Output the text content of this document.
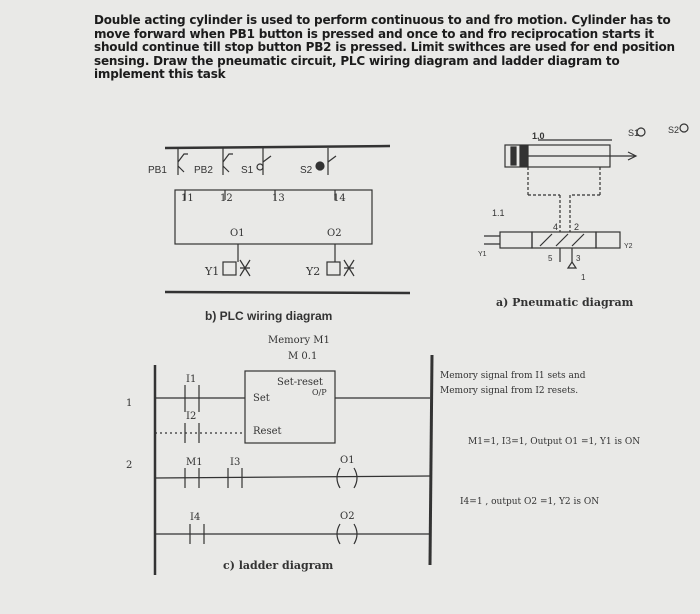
Double acting cylinder is used to perform continuous to and fro motion. Cylinder has to move forward when PB1 button is pressed and once to and fro reciprocation starts it should continue till stop button PB2 is pressed. Limit swithces are used for end position sensing. Draw the pneumatic circuit, PLC wiring diagram and ladder diagram to implement this task
PB1	PB2	S1	S2
11	12	13	14
O1	O2
Y1	Y2
b) PLC wiring diagram
1.0
1.1
S1	S2
Y1
Y2
4 2
5	3
1
a) Pneumatic diagram
Memory M1
M 0.1
Set-reset
Set
Reset
O/P
1
2
I1
I2
M1	I3
I4
O1
O2
c) ladder diagram
Memory signal from I1 sets and
Memory signal from I2 resets.
M1=1, I3=1, Output O1 =1, Y1 is ON
I4=1 , output O2 =1, Y2 is ON
